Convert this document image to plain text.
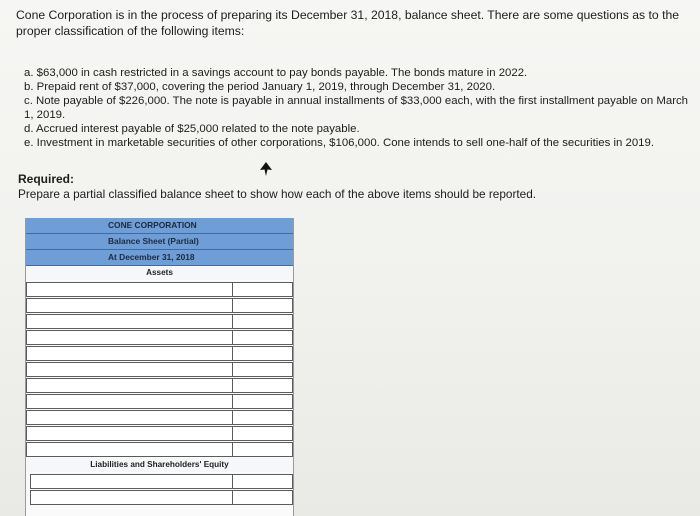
Cone Corporation is in the process of preparing its December 31, 2018, balance sheet. There are some questions as to the proper classification of the following items:

a. $63,000 in cash restricted in a savings account to pay bonds payable. The bonds mature in 2022.
b. Prepaid rent of $37,000, covering the period January 1, 2019, through December 31, 2020.
c. Note payable of $226,000. The note is payable in annual installments of $33,000 each, with the first installment payable on March
1, 2019.
d. Accrued interest payable of $25,000 related to the note payable.
e. Investment in marketable securities of other corporations, $106,000. Cone intends to sell one-half of the securities in 2019.

Required:

Prepare a partial classified balance sheet to show how each of the above items should be reported.

CONE CORPORATION
Balance Sheet (Partial)
At December 31, 2018
Assets
Liabilities and Shareholders' Equity
